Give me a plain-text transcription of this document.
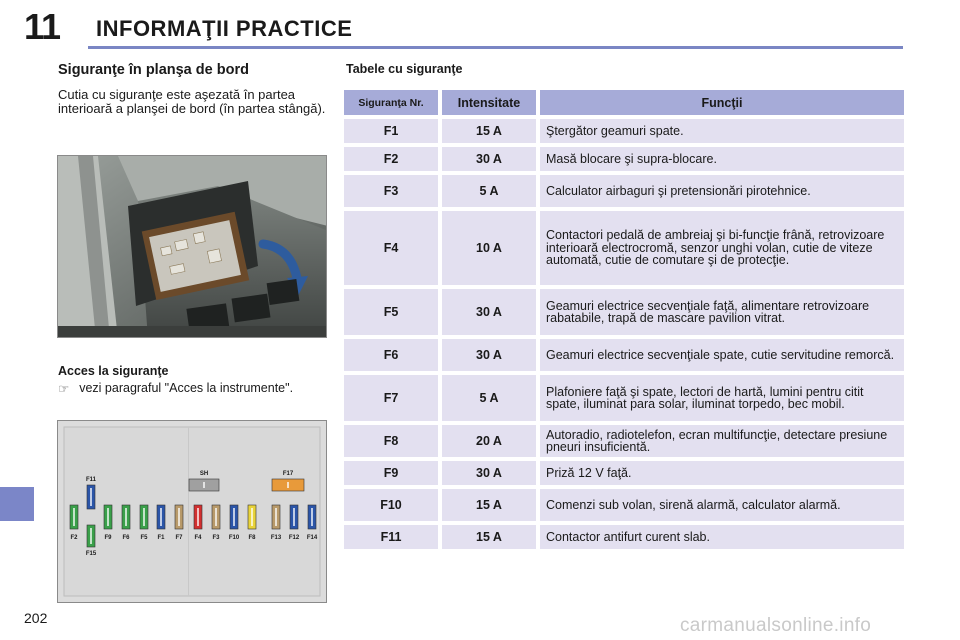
11 INFORMAŢII PRACTICE
Siguranţe în planşa de bord
Cutia cu siguranţe este aşezată în partea interioară a planşei de bord (în partea stângă).
Acces la siguranţe
☞ vezi paragraful "Acces la instrumente".
F11
SH	F17
F2	F9 F6 F5 F1 F7 F4 F3 F10 F8	F13 F12 F14
F15
Tabele cu siguranţe
Siguranţa Nr.	Intensitate	Funcţii
F1	15 A	Ştergător geamuri spate.
F2	30 A	Masă blocare şi supra-blocare.
F3	5 A	Calculator airbaguri şi pretensionări pirotehnice.
F4	10 A	Contactori pedală de ambreiaj şi bi-funcţie frână, retrovizoare interioară electrocromă, senzor unghi volan, cutie de viteze automată, cutie de comutare şi de protecţie.
F5	30 A	Geamuri electrice secvenţiale faţă, alimentare retrovizoare rabatabile, trapă de mascare pavilion vitrat.
F6	30 A	Geamuri electrice secvenţiale spate, cutie servitudine remorcă.
F7	5 A	Plafoniere faţă şi spate, lectori de hartă, lumini pentru citit spate, iluminat para solar, iluminat torpedo, bec mobil.
F8	20 A	Autoradio, radiotelefon, ecran multifuncţie, detectare presiune pneuri insuficientă.
F9	30 A	Priză 12 V faţă.
F10	15 A	Comenzi sub volan, sirenă alarmă, calculator alarmă.
F11	15 A	Contactor antifurt curent slab.
202	carmanualsonline.info
